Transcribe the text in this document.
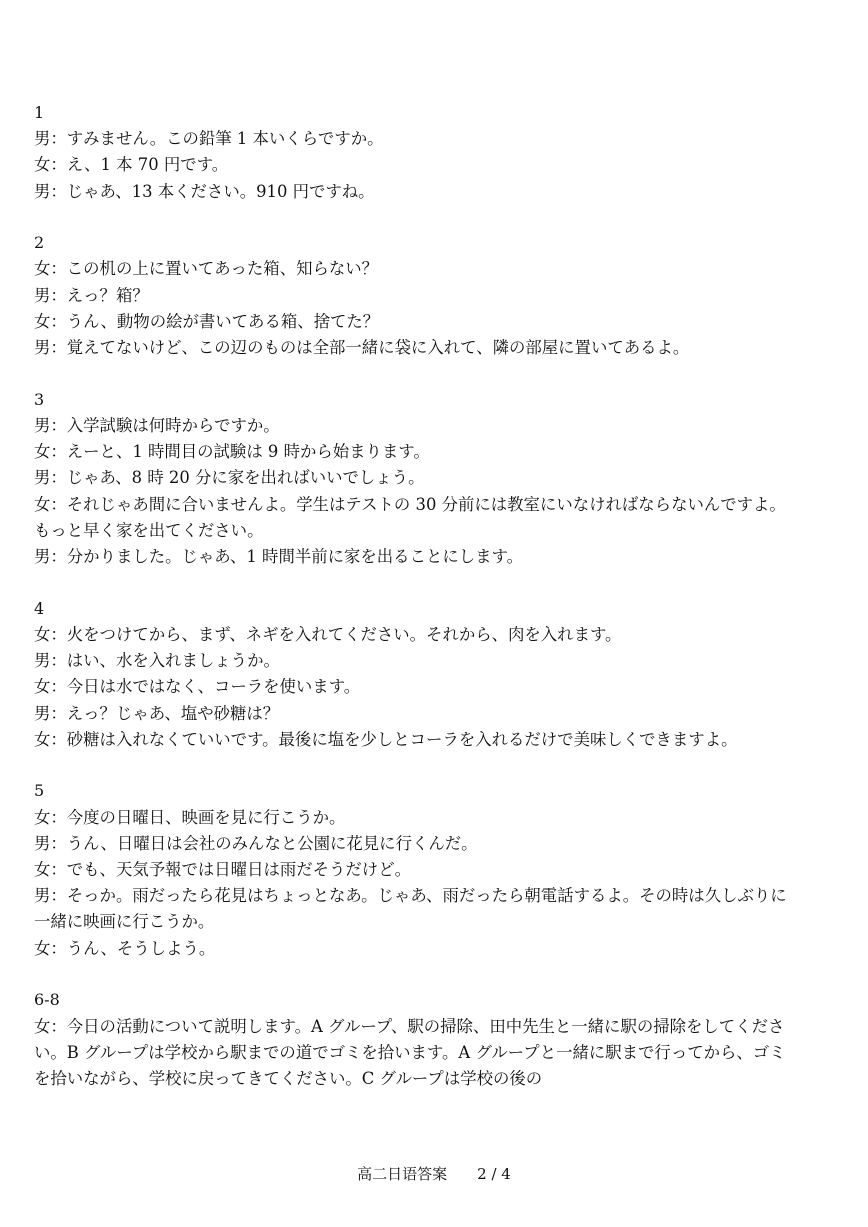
1
男：すみません。この鉛筆 1 本いくらですか。
女：え、1 本 70 円です。
男：じゃあ、13 本ください。910 円ですね。
2
女：この机の上に置いてあった箱、知らない？
男：えっ？箱？
女：うん、動物の絵が書いてある箱、捨てた？
男：覚えてないけど、この辺のものは全部一緒に袋に入れて、隣の部屋に置いてあるよ。
3
男：入学試験は何時からですか。
女：えーと、1 時間目の試験は 9 時から始まります。
男：じゃあ、8 時 20 分に家を出ればいいでしょう。
女：それじゃあ間に合いませんよ。学生はテストの 30 分前には教室にいなければならないんですよ。もっと早く家を出てください。
男：分かりました。じゃあ、1 時間半前に家を出ることにします。
4
女：火をつけてから、まず、ネギを入れてください。それから、肉を入れます。
男：はい、水を入れましょうか。
女：今日は水ではなく、コーラを使います。
男：えっ？じゃあ、塩や砂糖は？
女：砂糖は入れなくていいです。最後に塩を少しとコーラを入れるだけで美味しくできますよ。
5
女：今度の日曜日、映画を見に行こうか。
男：うん、日曜日は会社のみんなと公園に花見に行くんだ。
女：でも、天気予報では日曜日は雨だそうだけど。
男：そっか。雨だったら花見はちょっとなあ。じゃあ、雨だったら朝電話するよ。その時は久しぶりに一緒に映画に行こうか。
女：うん、そうしよう。
6-8
女：今日の活動について説明します。A グループ、駅の掃除、田中先生と一緒に駅の掃除をしてください。B グループは学校から駅までの道でゴミを拾います。A グループと一緒に駅まで行ってから、ゴミを拾いながら、学校に戻ってきてください。C グループは学校の後の
高二日语答案 2 / 4
